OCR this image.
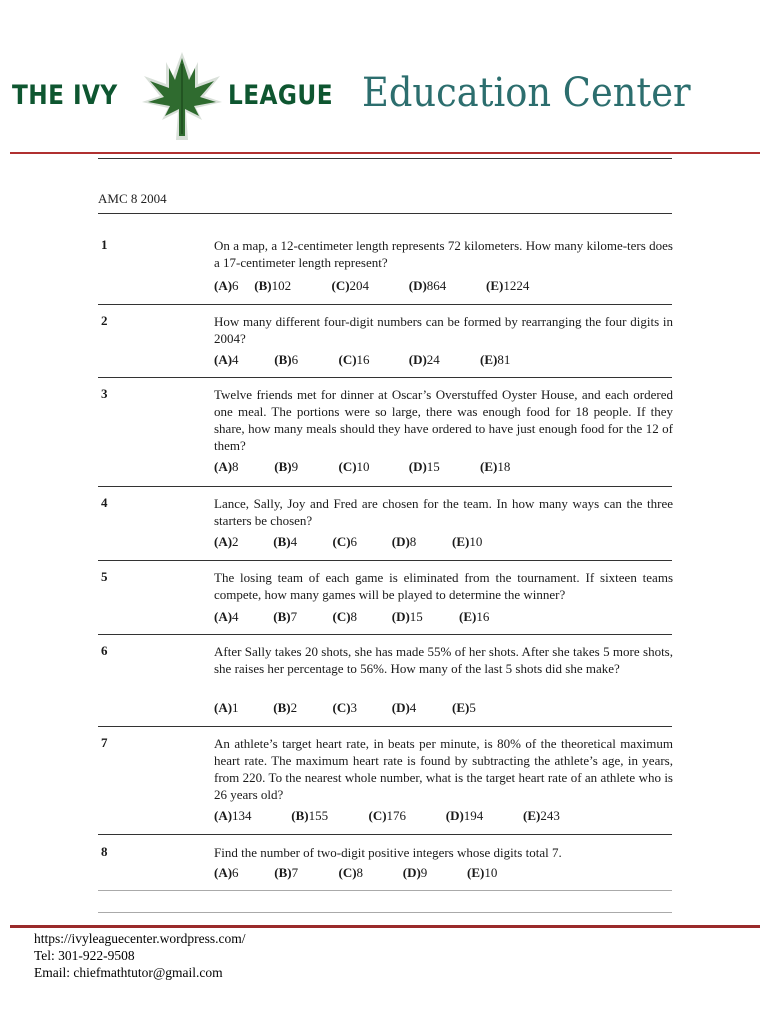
THE IVY	LEAGUE Education Center
AMC 8 2004
1	On a map, a 12-centimeter length represents 72 kilometers. How many kilome-ters does a 17-centimeter length represent?
(A)6 (B)102	(C)204	(D)864	(E)1224
2	How many different four-digit numbers can be formed by rearranging the four digits in 2004?
(A)4	(B)6	(C)16	(D)24	(E)81
3	Twelve friends met for dinner at Oscar’s Overstuffed Oyster House, and each ordered one meal. The portions were so large, there was enough food for 18 people. If they share, how many meals should they have ordered to have just enough food for the 12 of them?
(A)8	(B)9	(C)10	(D)15	(E)18
4	Lance, Sally, Joy and Fred are chosen for the team. In how many ways can the three starters be chosen?
(A)2	(B)4	(C)6	(D)8	(E)10
5	The losing team of each game is eliminated from the tournament. If sixteen teams compete, how many games will be played to determine the winner?
(A)4	(B)7	(C)8	(D)15	(E)16
6	After Sally takes 20 shots, she has made 55% of her shots. After she takes 5 more shots, she raises her percentage to 56%. How many of the last 5 shots did she make?
(A)1	(B)2	(C)3	(D)4	(E)5
7	An athlete’s target heart rate, in beats per minute, is 80% of the theoretical maximum heart rate. The maximum heart rate is found by subtracting the athlete’s age, in years, from 220. To the nearest whole number, what is the target heart rate of an athlete who is 26 years old?
(A)134	(B)155	(C)176	(D)194	(E)243
8	Find the number of two-digit positive integers whose digits total 7.
(A)6	(B)7	(C)8	(D)9	(E)10
https://ivyleaguecenter.wordpress.com/
Tel: 301-922-9508
Email: chiefmathtutor@gmail.com
